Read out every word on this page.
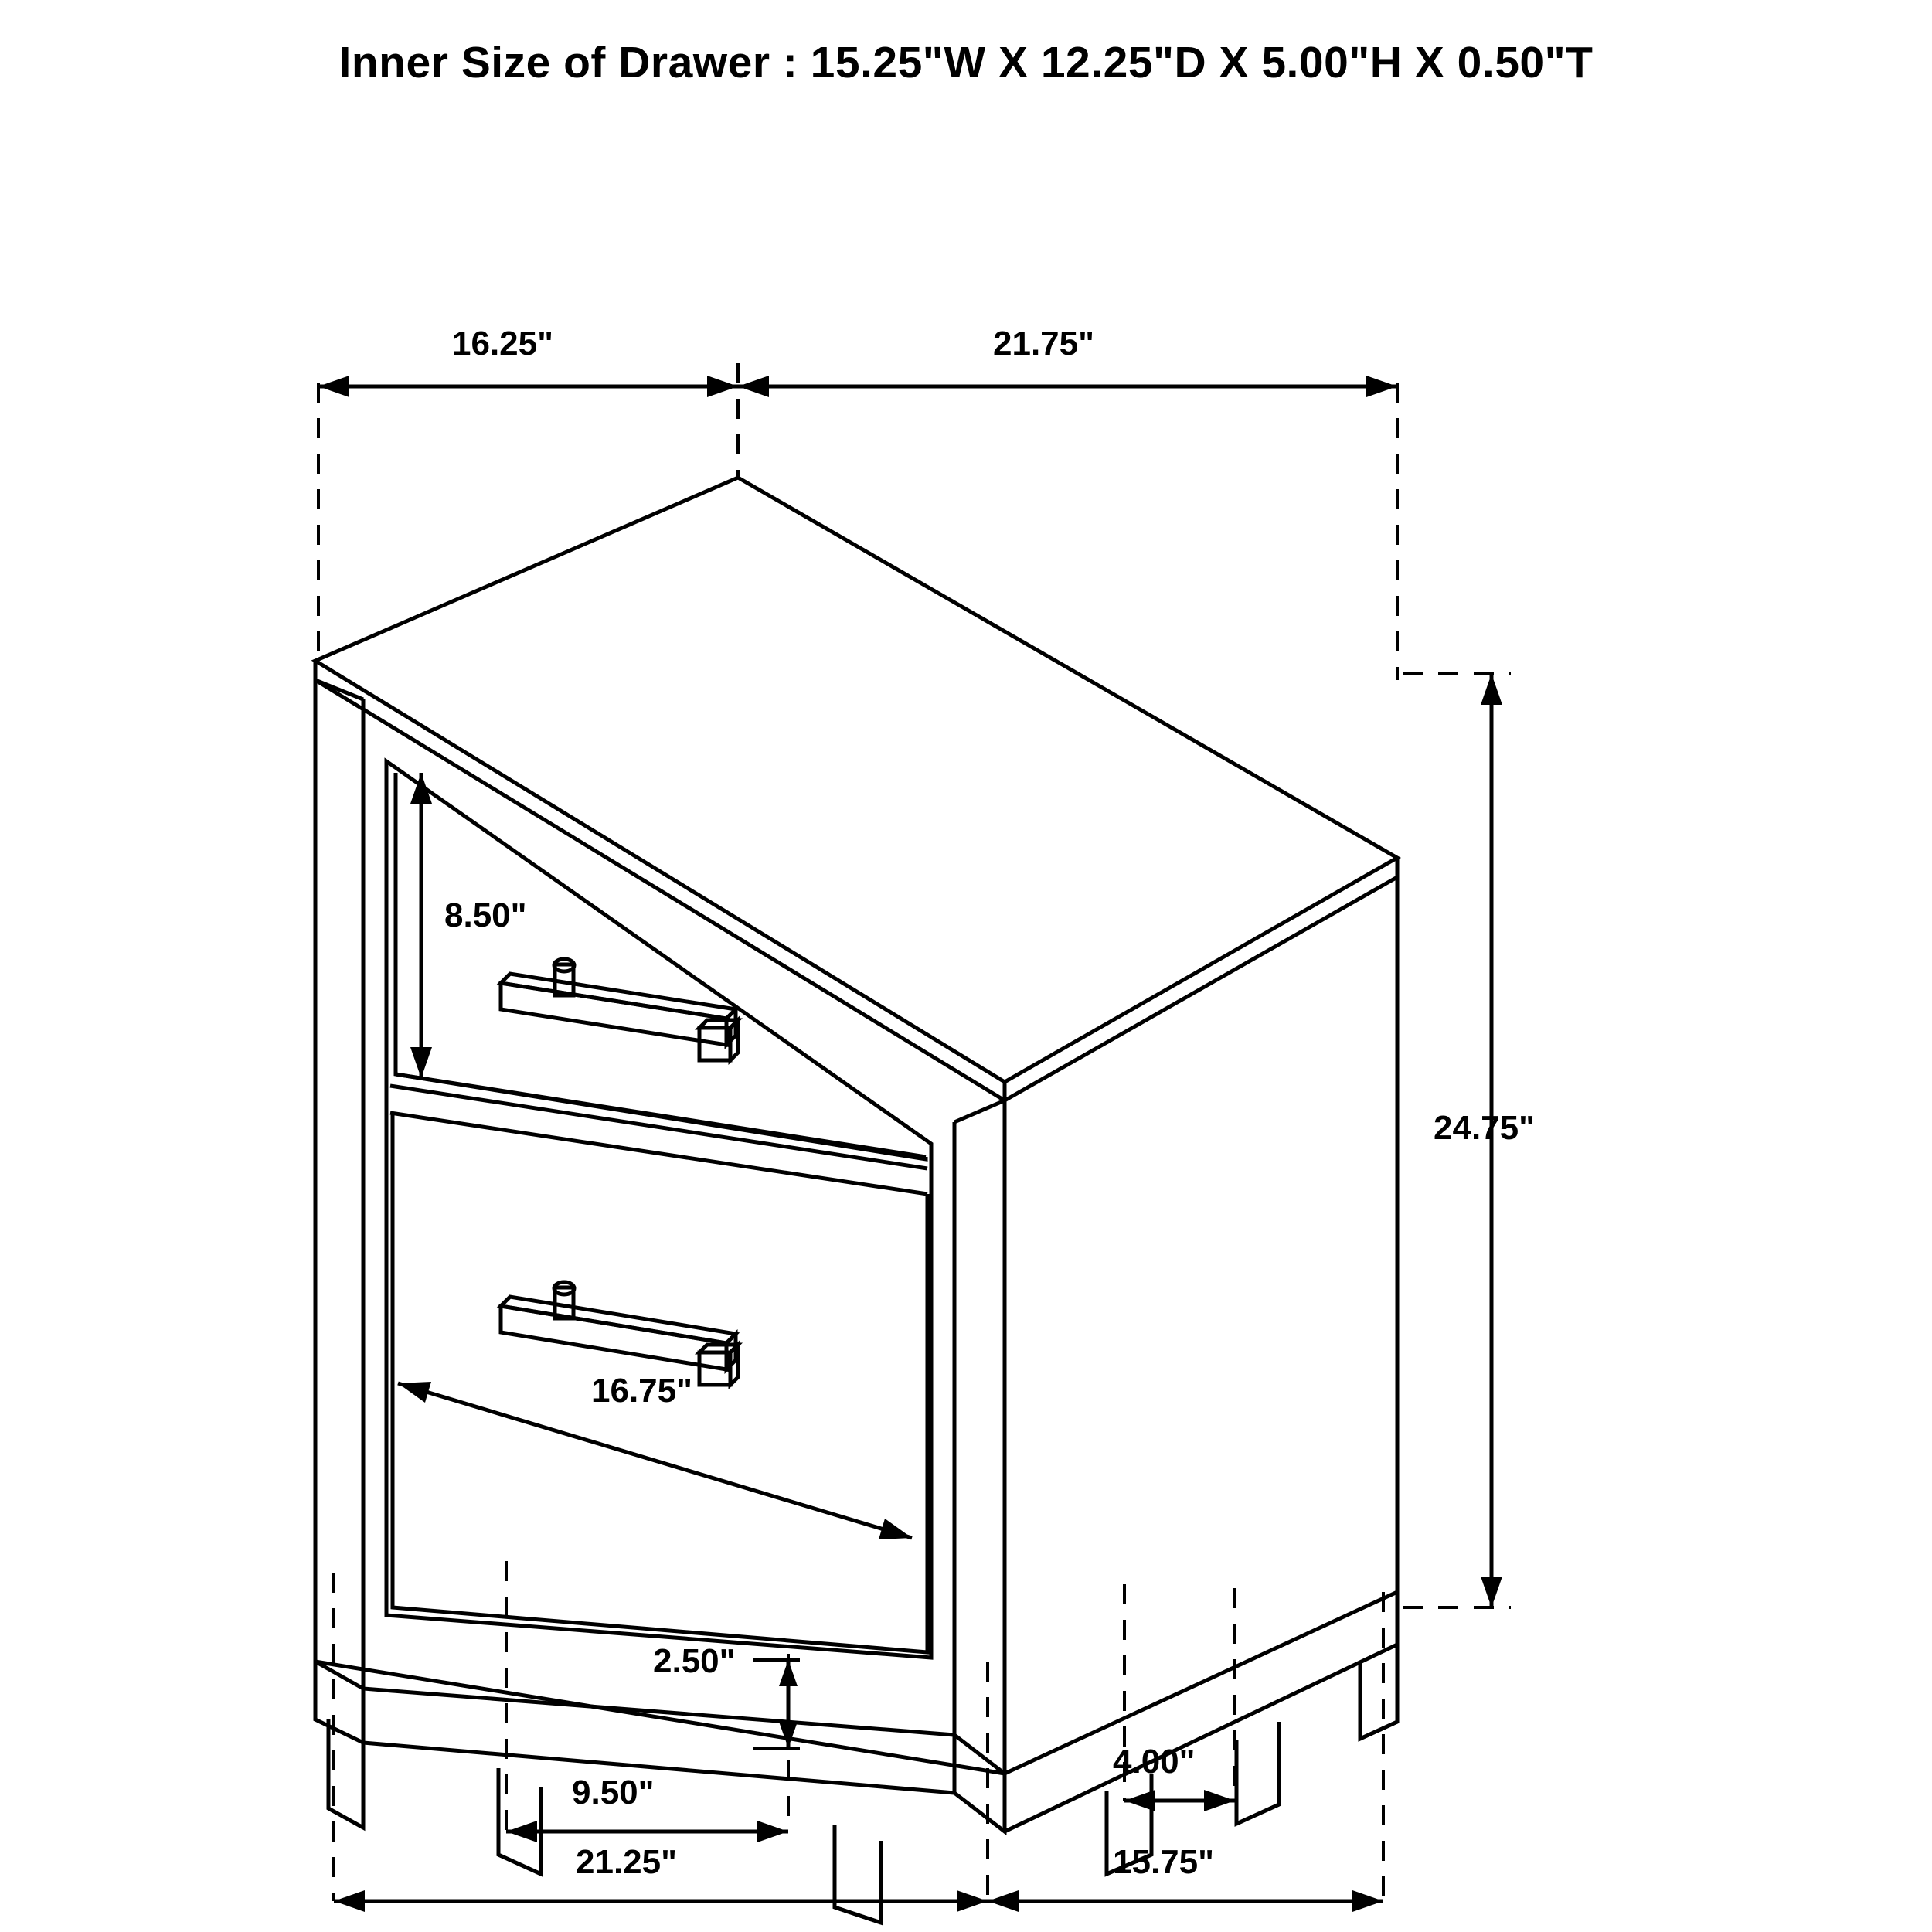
Inner Size of Drawer : 15.25"W X 12.25"D X 5.00"H X 0.50"T
16.25"	21.75"
8.50"
24.75"
16.75"
2.50"
9.50"
4.00"
21.25"	15.75"
